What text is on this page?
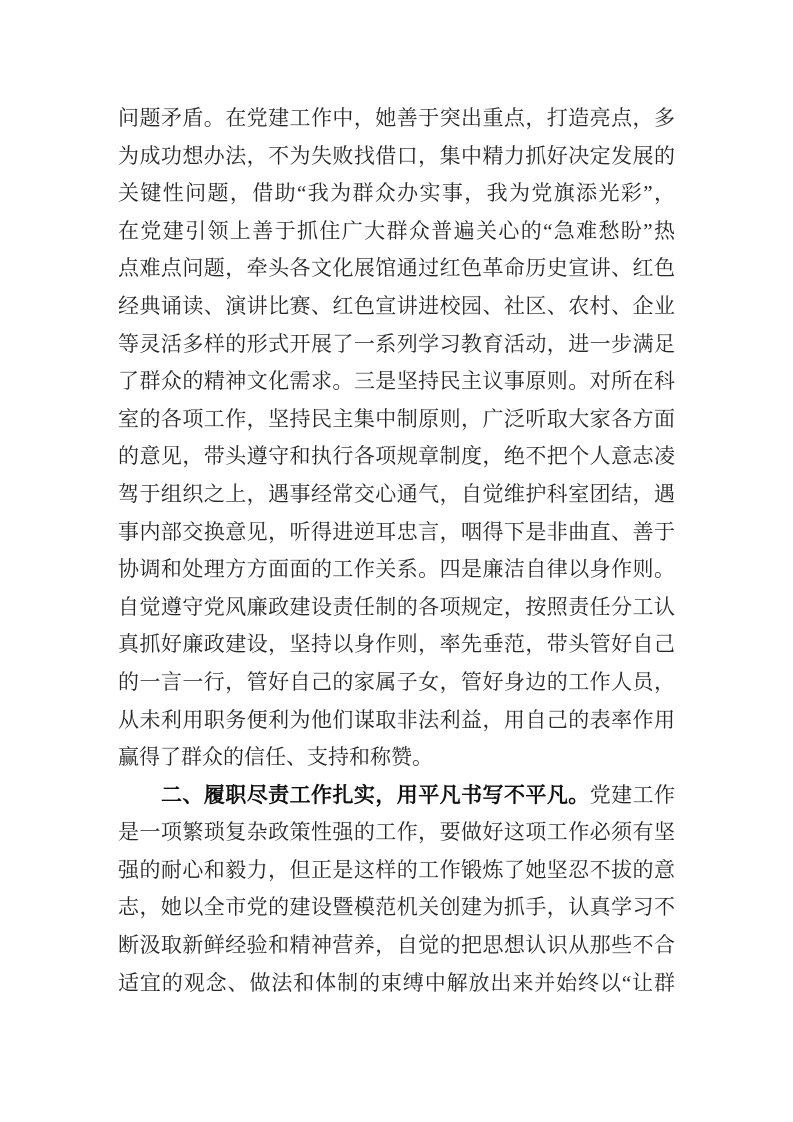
问题矛盾。在党建工作中，她善于突出重点，打造亮点，多
为成功想办法，不为失败找借口，集中精力抓好决定发展的
关键性问题，借助“我为群众办实事，我为党旗添光彩”，
在党建引领上善于抓住广大群众普遍关心的“急难愁盼”热
点难点问题，牵头各文化展馆通过红色革命历史宣讲、红色
经典诵读、演讲比赛、红色宣讲进校园、社区、农村、企业
等灵活多样的形式开展了一系列学习教育活动，进一步满足
了群众的精神文化需求。三是坚持民主议事原则。对所在科
室的各项工作，坚持民主集中制原则，广泛听取大家各方面
的意见，带头遵守和执行各项规章制度，绝不把个人意志凌
驾于组织之上，遇事经常交心通气，自觉维护科室团结，遇
事内部交换意见，听得进逆耳忠言，咽得下是非曲直、善于
协调和处理方方面面的工作关系。四是廉洁自律以身作则。
自觉遵守党风廉政建设责任制的各项规定，按照责任分工认
真抓好廉政建设，坚持以身作则，率先垂范，带头管好自己
的一言一行，管好自己的家属子女，管好身边的工作人员，
从未利用职务便利为他们谋取非法利益，用自己的表率作用
赢得了群众的信任、支持和称赞。
二、履职尽责工作扎实，用平凡书写不平凡。党建工作
是一项繁琐复杂政策性强的工作，要做好这项工作必须有坚
强的耐心和毅力，但正是这样的工作锻炼了她坚忍不拔的意
志，她以全市党的建设暨模范机关创建为抓手，认真学习不
断汲取新鲜经验和精神营养，自觉的把思想认识从那些不合
适宜的观念、做法和体制的束缚中解放出来并始终以“让群
